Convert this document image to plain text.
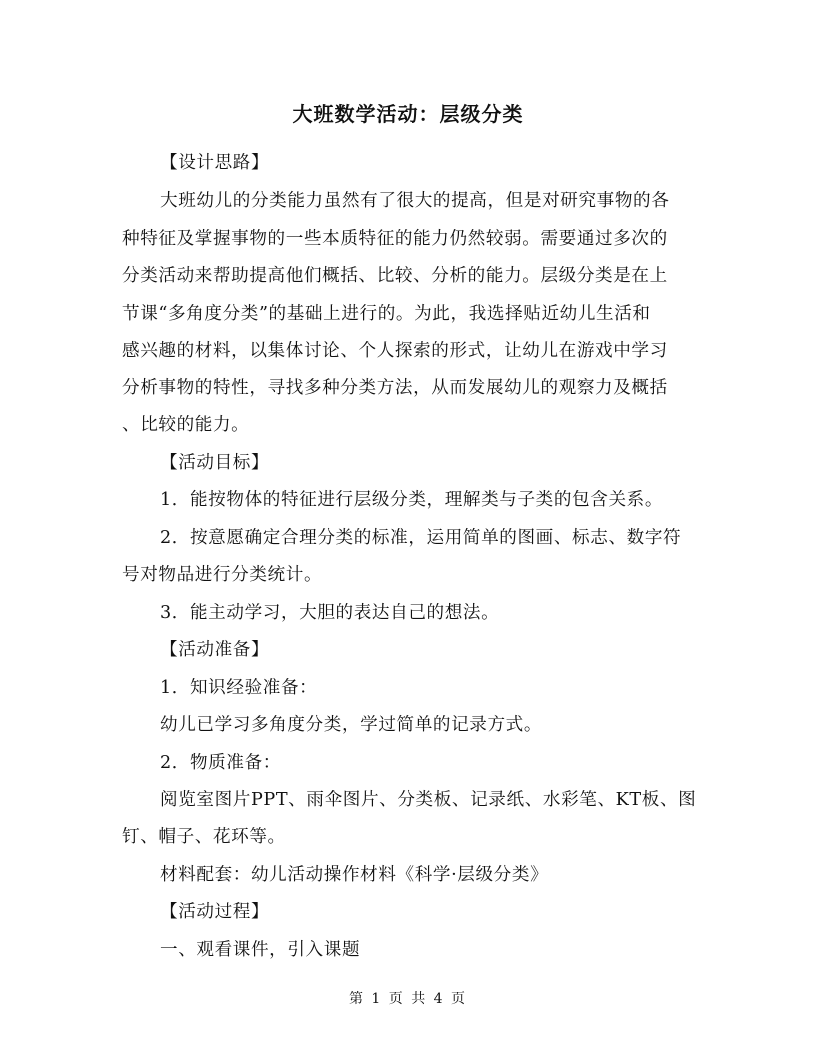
大班数学活动：层级分类
【设计思路】
大班幼儿的分类能力虽然有了很大的提高，但是对研究事物的各
种特征及掌握事物的一些本质特征的能力仍然较弱。需要通过多次的
分类活动来帮助提高他们概括、比较、分析的能力。层级分类是在上
节课“多角度分类”的基础上进行的。为此，我选择贴近幼儿生活和
感兴趣的材料，以集体讨论、个人探索的形式，让幼儿在游戏中学习
分析事物的特性，寻找多种分类方法，从而发展幼儿的观察力及概括
、比较的能力。
【活动目标】
1．能按物体的特征进行层级分类，理解类与子类的包含关系。
2．按意愿确定合理分类的标准，运用简单的图画、标志、数字符
号对物品进行分类统计。
3．能主动学习，大胆的表达自己的想法。
【活动准备】
1．知识经验准备：
幼儿已学习多角度分类，学过简单的记录方式。
2．物质准备：
阅览室图片PPT、雨伞图片、分类板、记录纸、水彩笔、KT板、图
钉、帽子、花环等。
材料配套：幼儿活动操作材料《科学·层级分类》
【活动过程】
一、观看课件，引入课题
第 1 页 共 4 页
